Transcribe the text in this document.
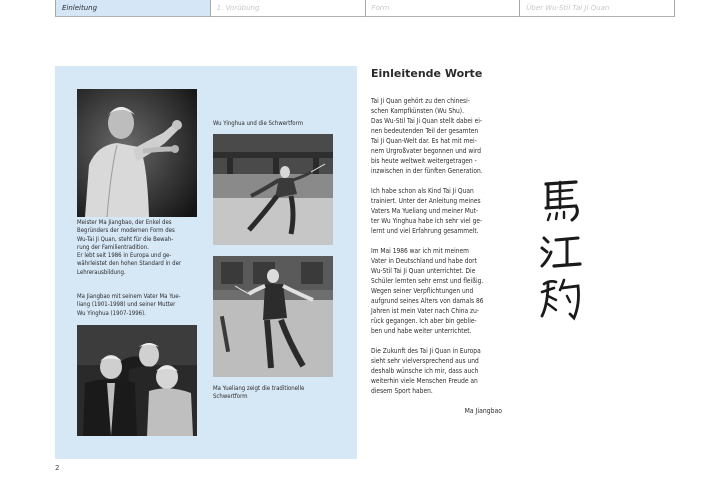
Einleitung	1. Vorübung	Form	Über Wu-Stil Tai Ji Quan

Meister Ma Jiangbao, der Enkel des

Begründers der modernen Form des

Wu-Tai Ji Quan, steht für die Bewah-

rung der Familientradition.

Er lebt seit 1986 in Europa und ge-

währleistet den hohen Standard in der

Lehrerausbildung.

Ma Jiangbao mit seinem Vater Ma Yue-

liang (1901-1998) und seiner Mutter

Wu Yinghua (1907-1996).

Wu Yinghua und die Schwertform

Ma Yueliang zeigt die traditionelle

Schwertform

Einleitende Worte

Tai Ji Quan gehört zu den chinesi-
schen Kampfkünsten (Wu Shu).
Das Wu-Stil Tai Ji Quan stellt dabei ei-
nen bedeutenden Teil der gesamten
Tai Ji Quan-Welt dar. Es hat mit mei-
nem Urgroßvater begonnen und wird
bis heute weltweit weitergetragen -
inzwischen in der fünften Generation.

Ich habe schon als Kind Tai Ji Quan
trainiert. Unter der Anleitung meines
Vaters Ma Yueliang und meiner Mut-
ter Wu Yinghua habe ich sehr viel ge-
lernt und viel Erfahrung gesammelt.

Im Mai 1986 war ich mit meinem
Vater in Deutschland und habe dort
Wu-Stil Tai Ji Quan unterrichtet. Die
Schüler lernten sehr ernst und fleißig.
Wegen seiner Verpflichtungen und
aufgrund seines Alters von damals 86
Jahren ist mein Vater nach China zu-
rück gegangen. Ich aber bin geblie-
ben und habe weiter unterrichtet.

Die Zukunft des Tai Ji Quan in Europa
sieht sehr vielversprechend aus und
deshalb wünsche ich mir, dass auch
weiterhin viele Menschen Freude an
diesem Sport haben.

Ma Jiangbao
2
